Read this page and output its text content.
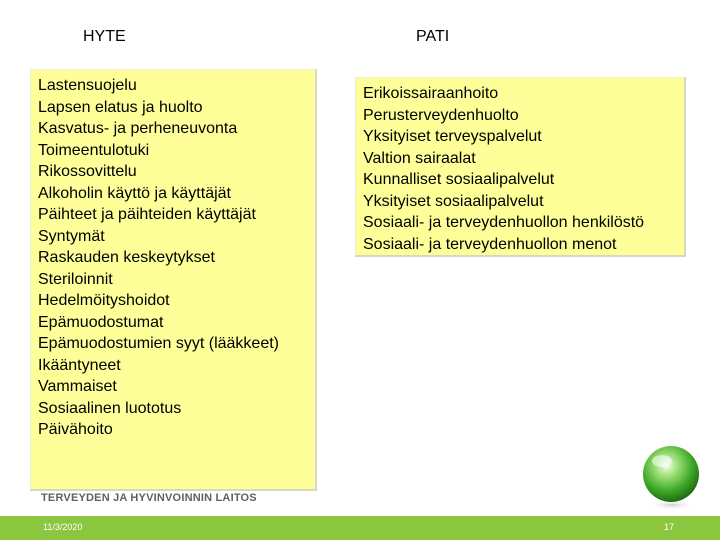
HYTE	PATI
Lastensuojelu
Lapsen elatus ja huolto
Kasvatus- ja perheneuvonta
Toimeentulotuki
Rikossovittelu
Alkoholin käyttö ja käyttäjät
Päihteet ja päihteiden käyttäjät
Syntymät
Raskauden keskeytykset
Steriloinnit
Hedelmöityshoidot
Epämuodostumat
Epämuodostumien syyt (lääkkeet)
Ikääntyneet
Vammaiset
Sosiaalinen luototus
Päivähoito
Erikoissairaanhoito
Perusterveydenhuolto
Yksityiset terveyspalvelut
Valtion sairaalat
Kunnalliset sosiaalipalvelut
Yksityiset sosiaalipalvelut
Sosiaali- ja terveydenhuollon henkilöstö
Sosiaali- ja terveydenhuollon menot
TERVEYDEN JA HYVINVOINNIN LAITOS
11/3/2020	17
